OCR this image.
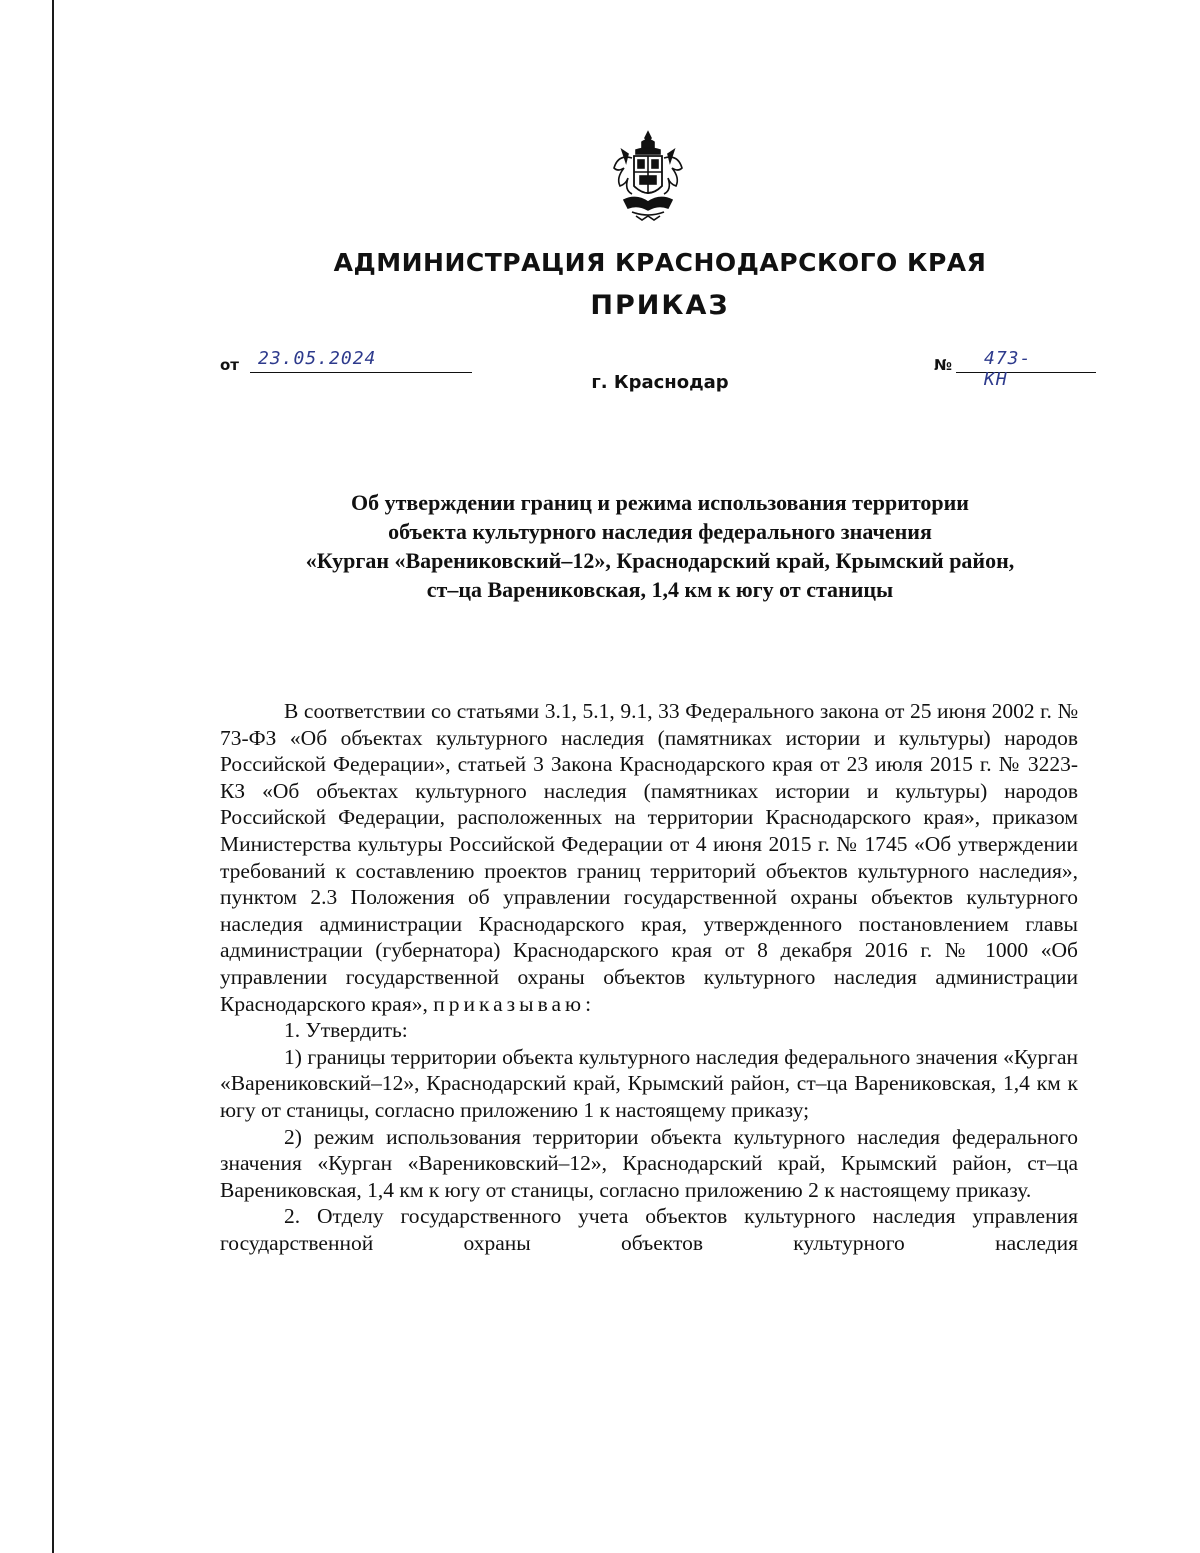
АДМИНИСТРАЦИЯ КРАСНОДАРСКОГО КРАЯ
ПРИКАЗ
от 23.05.2024	№ 473-КН
г. Краснодар
Об утверждении границ и режима использования территории
объекта культурного наследия федерального значения
«Курган «Варениковский–12», Краснодарский край, Крымский район,
ст–ца Варениковская, 1,4 км к югу от станицы

В соответствии со статьями 3.1, 5.1, 9.1, 33 Федерального закона от 25 июня 2002 г. № 73-ФЗ «Об объектах культурного наследия (памятниках истории и культуры) народов Российской Федерации», статьей 3 Закона Краснодарского края от 23 июля 2015 г. № 3223-КЗ «Об объектах культурного наследия (памятниках истории и культуры) народов Российской Федерации, расположенных на территории Краснодарского края», приказом Министерства культуры Российской Федерации от 4 июня 2015 г. № 1745 «Об утверждении требований к составлению проектов границ территорий объектов культурного наследия», пунктом 2.3 Положения об управлении государственной охраны объектов культурного наследия администрации Краснодарского края, утвержденного постановлением главы администрации (губернатора) Краснодарского края от 8 декабря 2016 г. № 1000 «Об управлении государственной охраны объектов культурного наследия администрации Краснодарского края», приказываю:

1. Утвердить:

1) границы территории объекта культурного наследия федерального значения «Курган «Варениковский–12», Краснодарский край, Крымский район, ст–ца Варениковская, 1,4 км к югу от станицы, согласно приложению 1 к настоящему приказу;

2) режим использования территории объекта культурного наследия федерального значения «Курган «Варениковский–12», Краснодарский край, Крымский район, ст–ца Варениковская, 1,4 км к югу от станицы, согласно приложению 2 к настоящему приказу.

2. Отделу государственного учета объектов культурного наследия управления государственной охраны объектов культурного наследия
